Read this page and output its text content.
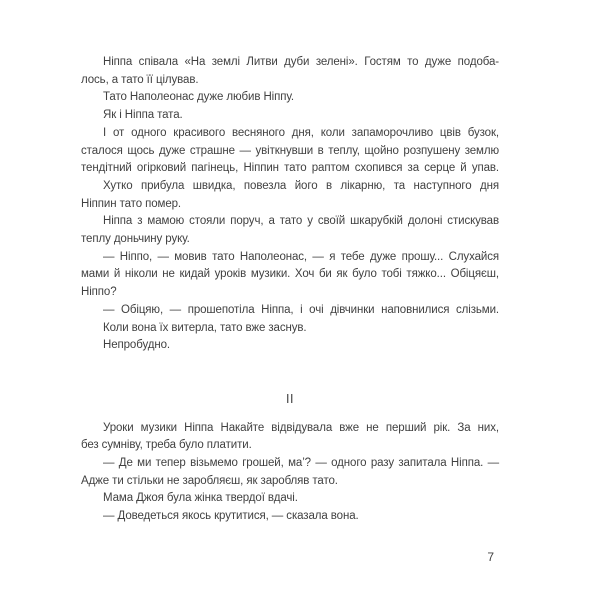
Ніппа співала «На землі Литви дуби зелені». Гостям то дуже подоба-
лось, а тато її цілував.

Тато Наполеонас дуже любив Ніппу.

Як і Ніппа тата.

І от одного красивого весняного дня, коли запаморочливо цвів бузок,
сталося щось дуже страшне — увіткнувши в теплу, щойно розпушену землю
тендітний огірковий пагінець, Ніппин тато раптом схопився за серце й упав.

Хутко прибула швидка, повезла його в лікарню, та наступного дня
Ніппин тато помер.

Ніппа з мамою стояли поруч, а тато у своїй шкарубкій долоні стискував
теплу доньчину руку.

— Ніппо, — мовив тато Наполеонас, — я тебе дуже прошу... Слухайся
мами й ніколи не кидай уроків музики. Хоч би як було тобі тяжко... Обіцяєш,
Ніппо?

— Обіцяю, — прошепотіла Ніппа, і очі дівчинки наповнилися слізьми.

Коли вона їх витерла, тато вже заснув.

Непробудно.

II

Уроки музики Ніппа Накайте відвідувала вже не перший рік. За них,
без сумніву, треба було платити.

— Де ми тепер візьмемо грошей, ма’? — одного разу запитала Ніппа. —
Адже ти стільки не заробляєш, як заробляв тато.

Мама Джоя була жінка твердої вдачі.

— Доведеться якось крутитися, — сказала вона.

7
